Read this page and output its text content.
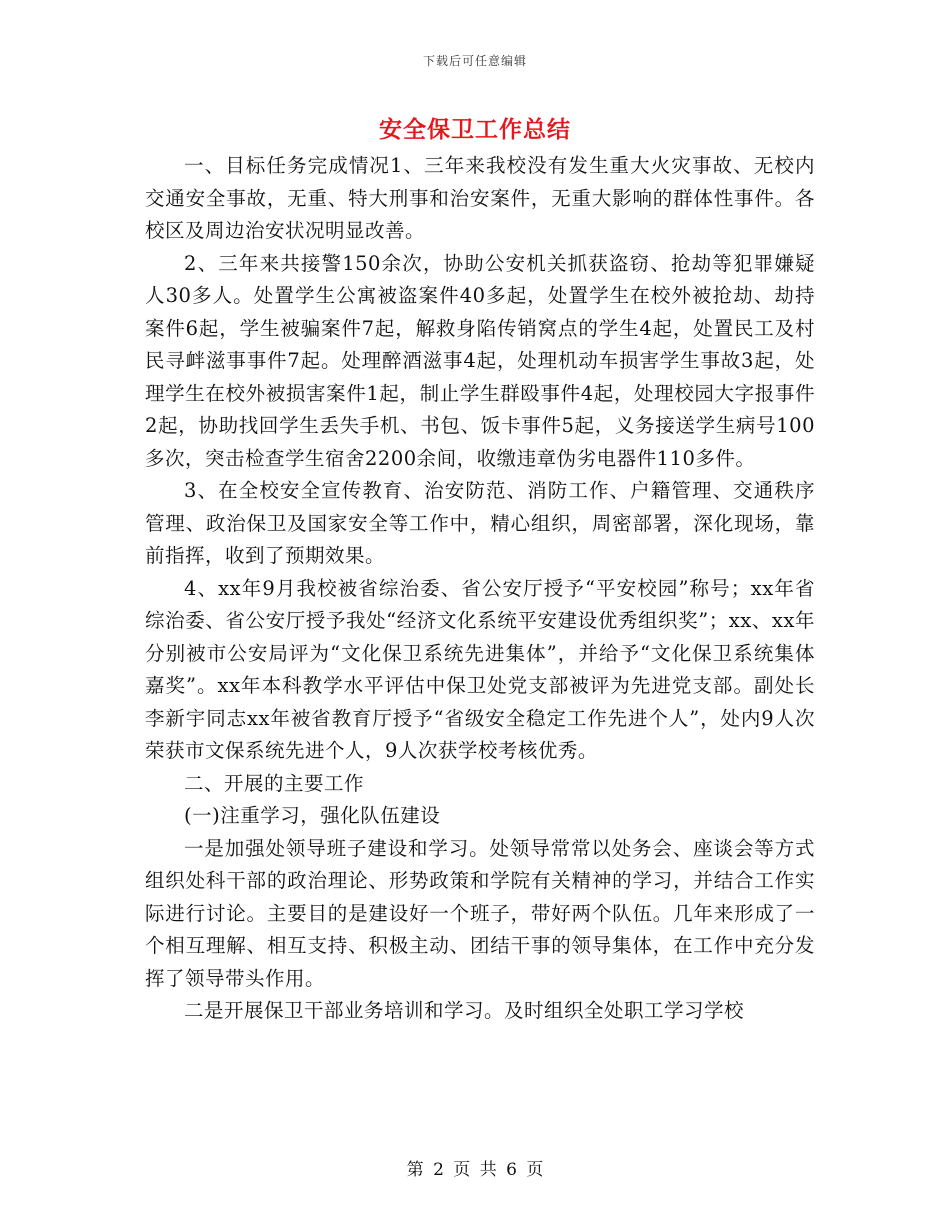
下载后可任意编辑
安全保卫工作总结

一、目标任务完成情况1、三年来我校没有发生重大火灾事故、无校内交通安全事故，无重、特大刑事和治安案件，无重大影响的群体性事件。各校区及周边治安状况明显改善。

2、三年来共接警150余次，协助公安机关抓获盗窃、抢劫等犯罪嫌疑人30多人。处置学生公寓被盗案件40多起，处置学生在校外被抢劫、劫持案件6起，学生被骗案件7起，解救身陷传销窝点的学生4起，处置民工及村民寻衅滋事事件7起。处理醉酒滋事4起，处理机动车损害学生事故3起，处理学生在校外被损害案件1起，制止学生群殴事件4起，处理校园大字报事件2起，协助找回学生丢失手机、书包、饭卡事件5起，义务接送学生病号100多次，突击检查学生宿舍2200余间，收缴违章伪劣电器件110多件。

3、在全校安全宣传教育、治安防范、消防工作、户籍管理、交通秩序管理、政治保卫及国家安全等工作中，精心组织，周密部署，深化现场，靠前指挥，收到了预期效果。

4、xx年9月我校被省综治委、省公安厅授予“平安校园”称号；xx年省综治委、省公安厅授予我处“经济文化系统平安建设优秀组织奖”；xx、xx年分别被市公安局评为“文化保卫系统先进集体”，并给予“文化保卫系统集体嘉奖”。xx年本科教学水平评估中保卫处党支部被评为先进党支部。副处长李新宇同志xx年被省教育厅授予“省级安全稳定工作先进个人”，处内9人次荣获市文保系统先进个人，9人次获学校考核优秀。

二、开展的主要工作

(一)注重学习，强化队伍建设

一是加强处领导班子建设和学习。处领导常常以处务会、座谈会等方式组织处科干部的政治理论、形势政策和学院有关精神的学习，并结合工作实际进行讨论。主要目的是建设好一个班子，带好两个队伍。几年来形成了一个相互理解、相互支持、积极主动、团结干事的领导集体，在工作中充分发挥了领导带头作用。

二是开展保卫干部业务培训和学习。及时组织全处职工学习学校

第 2 页 共 6 页
